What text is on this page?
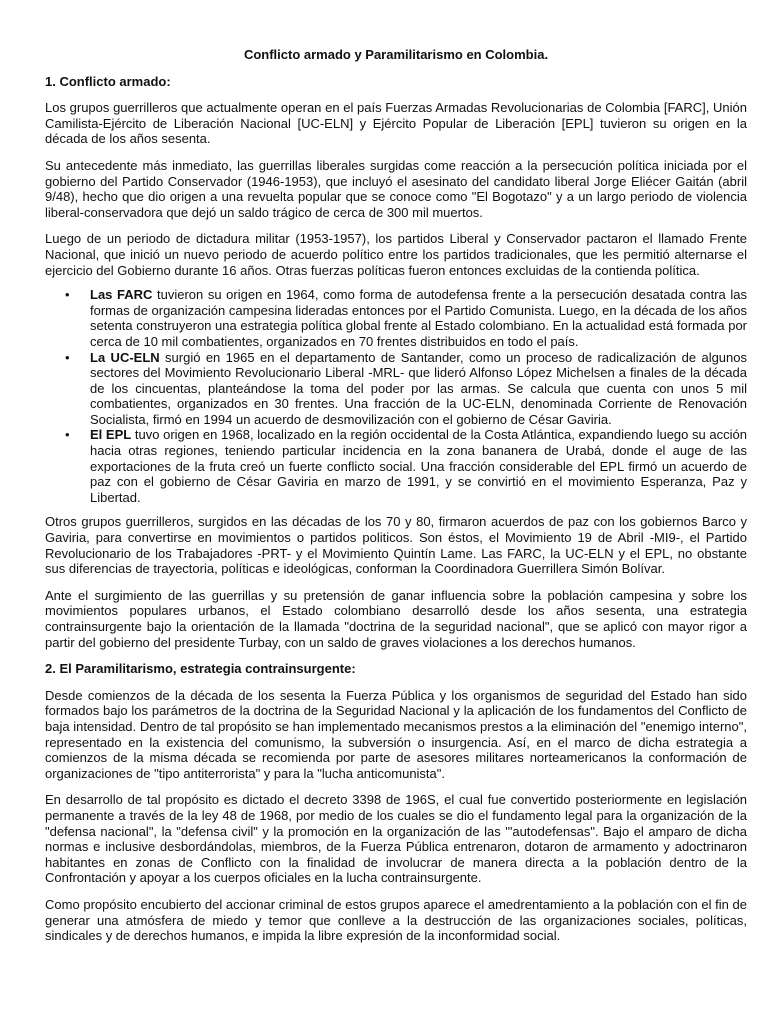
Conflicto armado y Paramilitarismo en Colombia.
1. Conflicto armado:

Los grupos guerrilleros que actualmente operan en el país Fuerzas Armadas Revolucionarias de Colombia [FARC], Unión Camilista-Ejército de Liberación Nacional [UC-ELN] y Ejército Popular de Liberación [EPL] tuvieron su origen en la década de los años sesenta.

Su antecedente más inmediato, las guerrillas liberales surgidas come reacción a la persecución política iniciada por el gobierno del Partido Conservador (1946-1953), que incluyó el asesinato del candidato liberal Jorge Eliécer Gaitán (abril 9/48), hecho que dio origen a una revuelta popular que se conoce como "El Bogotazo" y a un largo periodo de violencia liberal-conservadora que dejó un saldo trágico de cerca de 300 mil muertos.

Luego de un periodo de dictadura militar (1953-1957), los partidos Liberal y Conservador pactaron el llamado Frente Nacional, que inició un nuevo periodo de acuerdo político entre los partidos tradicionales, que les permitió alternarse el ejercicio del Gobierno durante 16 años. Otras fuerzas políticas fueron entonces excluidas de la contienda política.

• Las FARC tuvieron su origen en 1964, como forma de autodefensa frente a la persecución desatada contra las formas de organización campesina lideradas entonces por el Partido Comunista. Luego, en la década de los años setenta construyeron una estrategia política global frente al Estado colombiano. En la actualidad está formada por cerca de 10 mil combatientes, organizados en 70 frentes distribuidos en todo el país.
• La UC-ELN surgió en 1965 en el departamento de Santander, como un proceso de radicalización de algunos sectores del Movimiento Revolucionario Liberal -MRL- que lideró Alfonso López Michelsen a finales de la década de los cincuentas, planteándose la toma del poder por las armas. Se calcula que cuenta con unos 5 mil combatientes, organizados en 30 frentes. Una fracción de la UC-ELN, denominada Corriente de Renovación Socialista, firmó en 1994 un acuerdo de desmovilización con el gobierno de César Gaviria.
• El EPL tuvo origen en 1968, localizado en la región occidental de la Costa Atlántica, expandiendo luego su acción hacia otras regiones, teniendo particular incidencia en la zona bananera de Urabá, donde el auge de las exportaciones de la fruta creó un fuerte conflicto social. Una fracción considerable del EPL firmó un acuerdo de paz con el gobierno de César Gaviria en marzo de 1991, y se convirtió en el movimiento Esperanza, Paz y Libertad.

Otros grupos guerrilleros, surgidos en las décadas de los 70 y 80, firmaron acuerdos de paz con los gobiernos Barco y Gaviria, para convertirse en movimientos o partidos politicos. Son éstos, el Movimiento 19 de Abril -MI9-, el Partido Revolucionario de los Trabajadores -PRT- y el Movimiento Quintín Lame. Las FARC, la UC-ELN y el EPL, no obstante sus diferencias de trayectoria, políticas e ideológicas, conforman la Coordinadora Guerrillera Simón Bolívar.

Ante el surgimiento de las guerrillas y su pretensión de ganar influencia sobre la población campesina y sobre los movimientos populares urbanos, el Estado colombiano desarrolló desde los años sesenta, una estrategia contrainsurgente bajo la orientación de la llamada "doctrina de la seguridad nacional", que se aplicó con mayor rigor a partir del gobierno del presidente Turbay, con un saldo de graves violaciones a los derechos humanos.

2. El Paramilitarismo, estrategia contrainsurgente:

Desde comienzos de la década de los sesenta la Fuerza Pública y los organismos de seguridad del Estado han sido formados bajo los parámetros de la doctrina de la Seguridad Nacional y la aplicación de los fundamentos del Conflicto de baja intensidad. Dentro de tal propósito se han implementado mecanismos prestos a la eliminación del "enemigo interno", representado en la existencia del comunismo, la subversión o insurgencia. Así, en el marco de dicha estrategia a comienzos de la misma década se recomienda por parte de asesores militares norteamericanos la conformación de organizaciones de "tipo antiterrorista" y para la "lucha anticomunista".

En desarrollo de tal propósito es dictado el decreto 3398 de 196S, el cual fue convertido posteriormente en legislación permanente a través de la ley 48 de 1968, por medio de los cuales se dio el fundamento legal para la organización de la "defensa nacional", la "defensa civil" y la promoción en la organización de las '"autodefensas". Bajo el amparo de dicha normas e inclusive desbordándolas, miembros, de la Fuerza Pública entrenaron, dotaron de armamento y adoctrinaron habitantes en zonas de Conflicto con la finalidad de involucrar de manera directa a la población dentro de la Confrontación y apoyar a los cuerpos oficiales en la lucha contrainsurgente.

Como propósito encubierto del accionar criminal de estos grupos aparece el amedrentamiento a la población con el fin de generar una atmósfera de miedo y temor que conlleve a la destrucción de las organizaciones sociales, políticas, sindicales y de derechos humanos, e impida la libre expresión de la inconformidad social.
